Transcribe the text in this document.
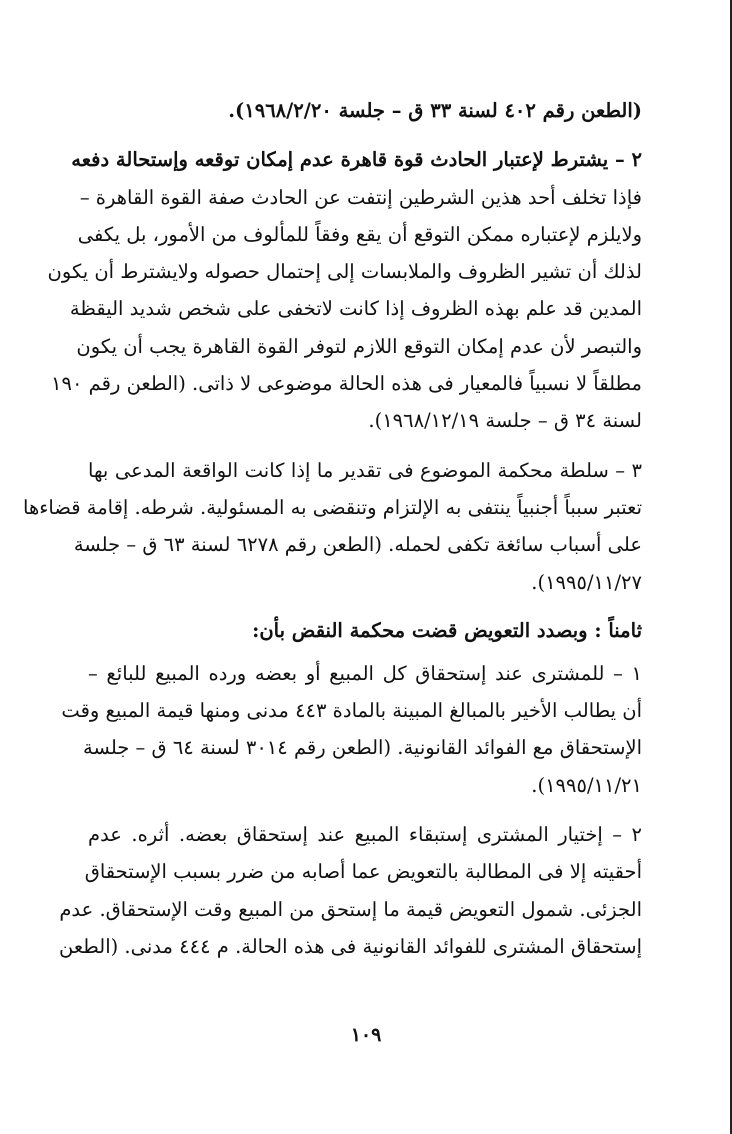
(الطعن رقم ٤٠٢ لسنة ٣٣ ق – جلسة ١٩٦٨/٢/٢٠).
٢ – يشترط لإعتبار الحادث قوة قاهرة عدم إمكان توقعه وإستحالة دفعه
فإذا تخلف أحد هذين الشرطين إنتفت عن الحادث صفة القوة القاهرة –
ولايلزم لإعتباره ممكن التوقع أن يقع وفقاً للمألوف من الأمور، بل يكفى
لذلك أن تشير الظروف والملابسات إلى إحتمال حصوله ولايشترط أن يكون
المدين قد علم بهذه الظروف إذا كانت لاتخفى على شخص شديد اليقظة
والتبصر لأن عدم إمكان التوقع اللازم لتوفر القوة القاهرة يجب أن يكون
مطلقاً لا نسبياً فالمعيار فى هذه الحالة موضوعى لا ذاتى. (الطعن رقم ١٩٠
لسنة ٣٤ ق – جلسة ١٩٦٨/١٢/١٩).
٣ – سلطة محكمة الموضوع فى تقدير ما إذا كانت الواقعة المدعى بها
تعتبر سبباً أجنبياً ينتفى به الإلتزام وتنقضى به المسئولية. شرطه. إقامة قضاءها
على أسباب سائغة تكفى لحمله. (الطعن رقم ٦٢٧٨ لسنة ٦٣ ق – جلسة
١٩٩٥/١١/٢٧).
ثامناً : وبصدد التعويض قضت محكمة النقض بأن:
١ – للمشترى عند إستحقاق كل المبيع أو بعضه ورده المبيع للبائع –
أن يطالب الأخير بالمبالغ المبينة بالمادة ٤٤٣ مدنى ومنها قيمة المبيع وقت
الإستحقاق مع الفوائد القانونية. (الطعن رقم ٣٠١٤ لسنة ٦٤ ق – جلسة
١٩٩٥/١١/٢١).
٢ – إختيار المشترى إستبقاء المبيع عند إستحقاق بعضه. أثره. عدم
أحقيته إلا فى المطالبة بالتعويض عما أصابه من ضرر بسبب الإستحقاق
الجزئى. شمول التعويض قيمة ما إستحق من المبيع وقت الإستحقاق. عدم
إستحقاق المشترى للفوائد القانونية فى هذه الحالة. م ٤٤٤ مدنى. (الطعن
١٠٩
